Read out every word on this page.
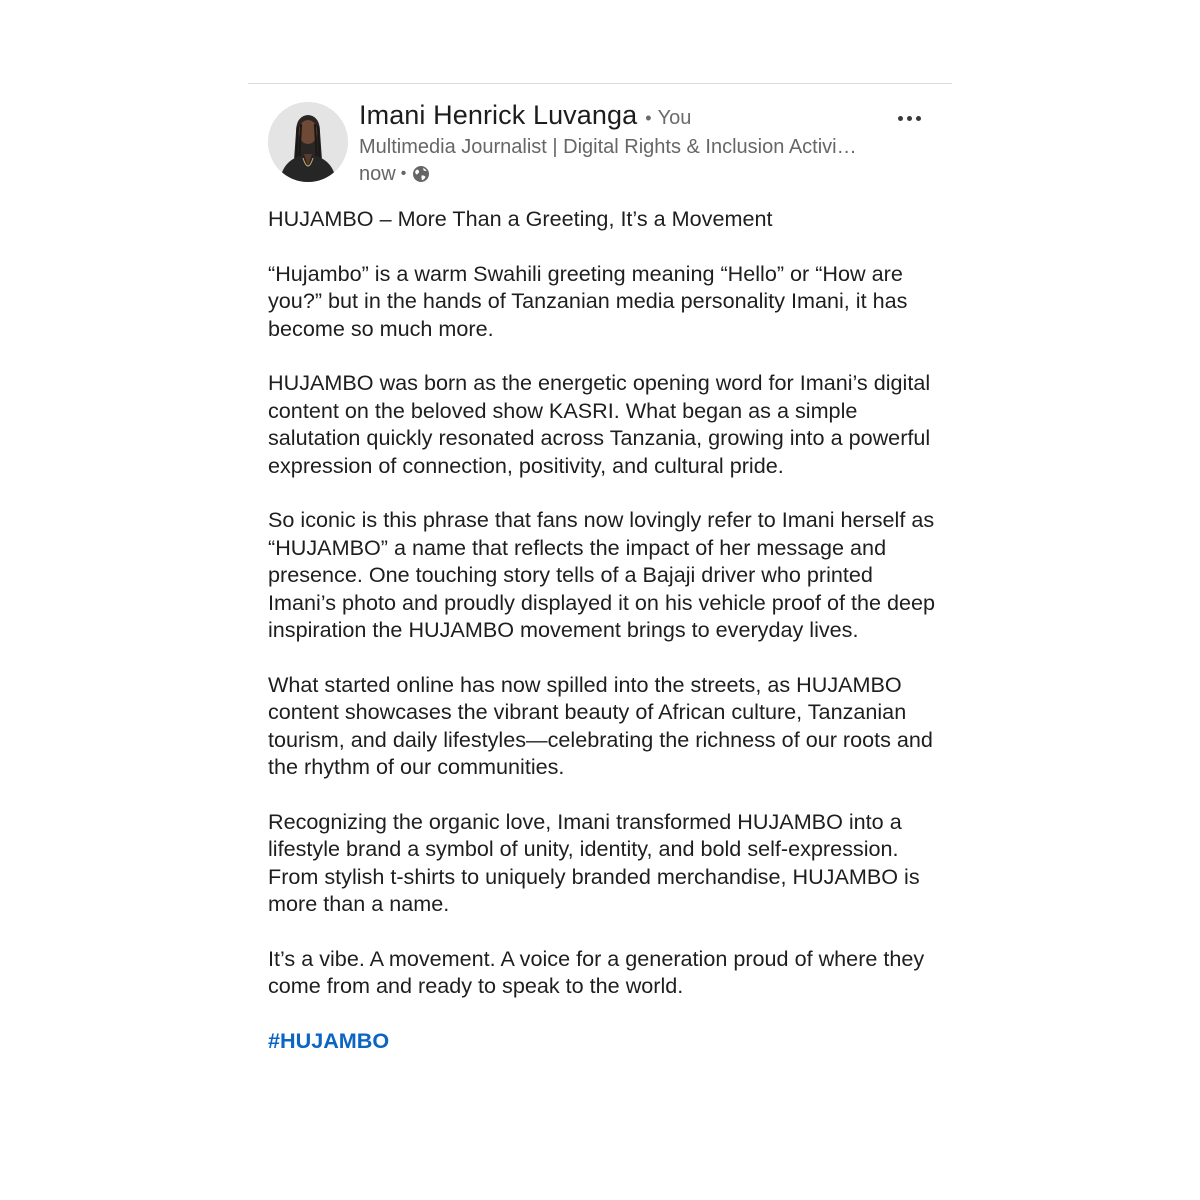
Imani Henrick Luvanga • You
Multimedia Journalist | Digital Rights & Inclusion Activi…
now •

HUJAMBO – More Than a Greeting, It’s a Movement

“Hujambo” is a warm Swahili greeting meaning “Hello” or “How are you?” but in the hands of Tanzanian media personality Imani, it has become so much more.

HUJAMBO was born as the energetic opening word for Imani’s digital content on the beloved show KASRI. What began as a simple salutation quickly resonated across Tanzania, growing into a powerful expression of connection, positivity, and cultural pride.

So iconic is this phrase that fans now lovingly refer to Imani herself as “HUJAMBO” a name that reflects the impact of her message and presence. One touching story tells of a Bajaji driver who printed Imani’s photo and proudly displayed it on his vehicle proof of the deep inspiration the HUJAMBO movement brings to everyday lives.

What started online has now spilled into the streets, as HUJAMBO content showcases the vibrant beauty of African culture, Tanzanian tourism, and daily lifestyles—celebrating the richness of our roots and the rhythm of our communities.

Recognizing the organic love, Imani transformed HUJAMBO into a lifestyle brand a symbol of unity, identity, and bold self-expression. From stylish t-shirts to uniquely branded merchandise, HUJAMBO is more than a name.

It’s a vibe. A movement. A voice for a generation proud of where they come from and ready to speak to the world.

#HUJAMBO
